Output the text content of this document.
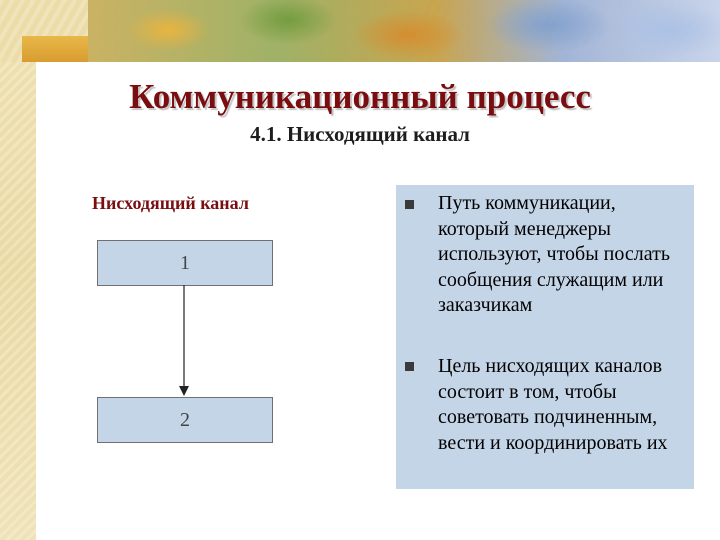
Коммуникационный процесс
4.1. Нисходящий канал
Нисходящий канал
1
2
Путь коммуникации, который менеджеры используют, чтобы послать сообщения служащим или заказчикам
Цель нисходящих каналов состоит в том, чтобы советовать подчиненным, вести и координировать их
